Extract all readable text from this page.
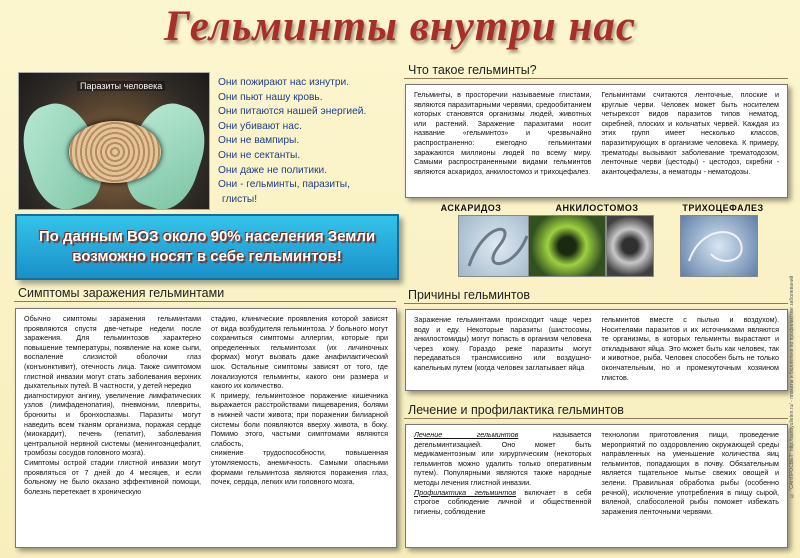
Гельминты внутри нас
Паразиты человека	Они пожирают нас изнутри.
Они пьют нашу кровь.
Они питаются нашей энергией.
Они убивают нас.
Они не вампиры.
Они не сектанты.
Они даже не политики.
Они - гельминты, паразиты,
глисты!
По данным ВОЗ около 90% населения Земли возможно носят в себе гельминтов!
Что такое гельминты?

Гельминты, в просторечии называемые глистами, являются паразитарными червями, средообитанием которых становятся организмы людей, животных или растений. Заражение паразитами носит название «гельминтоз» и чрезвычайно распространенно: ежегодно гельминтами заражаются миллионы людей по всему миру. Самыми распространенными видами гельминтов являются аскаридоз, анкилостомоз и трихоцефалез.

Гельминтами считаются ленточные, плоские и круглые черви. Человек может быть носителем четырехсот видов паразитов типов нематод, скребней, плоских и кольчатых червей. Каждая из этих групп имеет несколько классов, паразитирующих в организме человека. К примеру, трематоды вызывают заболевание трематодозом, ленточные черви (цестоды) - цестодоз, скребни - акантоцефалезы, а нематоды - нематодозы.

АСКАРИДОЗ	АНКИЛОСТОМОЗ	ТРИХОЦЕФАЛЕЗ
Симптомы заражения гельминтами

Обычно симптомы заражения гельминтами проявляются спустя две-четыре недели после заражения. Для гельминтозов характерно повышение температуры, появление на коже сыпи, воспаление слизистой оболочки глаз (конъюнктивит), отечность лица. Также симптомом глистной инвазии могут стать заболевания верхних дыхательных путей. В частности, у детей нередко

диагностируют ангину, увеличение лимфатических узлов (лимфаденопатия), пневмонии, плевриты, бронхиты и бронхоспазмы. Паразиты могут наведить всем тканям организма, поражая сердце (миокардит), печень (гепатит), заболевания центральной нервной системы (менингоэнцефалит, тромбозы сосудов головного мозга).

Симптомы острой стадии глистной инвазии могут проявляться от 7 дней до 4 месяцев, и если больному не было оказано эффективной помощи, болезнь перетекает в хроническую

стадию, клинические проявления которой зависят от вида возбудителя гельминтоза. У больного могут сохраниться симптомы аллергии, которые при определенных гельминтозах (их личиночных формах) могут вызвать даже анафилактический шок. Остальные симптомы зависят от того, где локализуются гельминты, какого они размера и какого их количество.

К примеру, гельминтозное поражение кишечника выражается расстройствами пищеварения, болями в нижней части живота; при поражении билиарной системы боли появляются вверху живота, в боку. Помимо этого, частыми симптомами являются слабость,

снижение трудоспособности, повышенная утомляемость, анемичность. Самыми опасными формами гельминтоза являются поражения глаз, почек, сердца, легких или головного мозга.

Причины гельминтов

Заражение гельминтами происходит чаще через воду и еду. Некоторые паразиты (шистосомы, анкилостомиды) могут попасть в организм человека через кожу. Гораздо реже паразиты могут передаваться трансмиссивно или воздушно-капельным путем (когда человек заглатывает яйца

гельминтов вместе с пылью и воздухом). Носителями паразитов и их источниками являются те организмы, в которых гельминты вырастают и откладывают яйца. Это может быть как человек, так и животное, рыба. Человек способен быть не только окончательным, но и промежуточным хозяином глистов.

Лечение и профилактика гельминтов

Лечение гельминтов называется дегельминтизацией. Оно может быть медикаментозным или хирургическим (некоторых гельминтов можно удалить только оперативным путем). Популярными являются также народные методы лечения глистной инвазии.

Профилактика гельминтов включает в себя строгое соблюдение личной и общественной гигиены, соблюдение

технологии приготовления пищи, проведение мероприятий по оздоровлению окружающей среды направленных на уменьшение количества яиц гельминтов, попадающих в почву. Обязательным является тщательное мытье свежих овощей и зелени. Правильная обработка рыбы (особенно речной), исключение употребления в пищу сырой, вяленой, слабосоленой рыбы поможет избежать заражения ленточными червями.

© "САНПРОСВЕТ" http://sanbyulleten.ru/ - плакаты и бюллетени по профилактике заболеваний
